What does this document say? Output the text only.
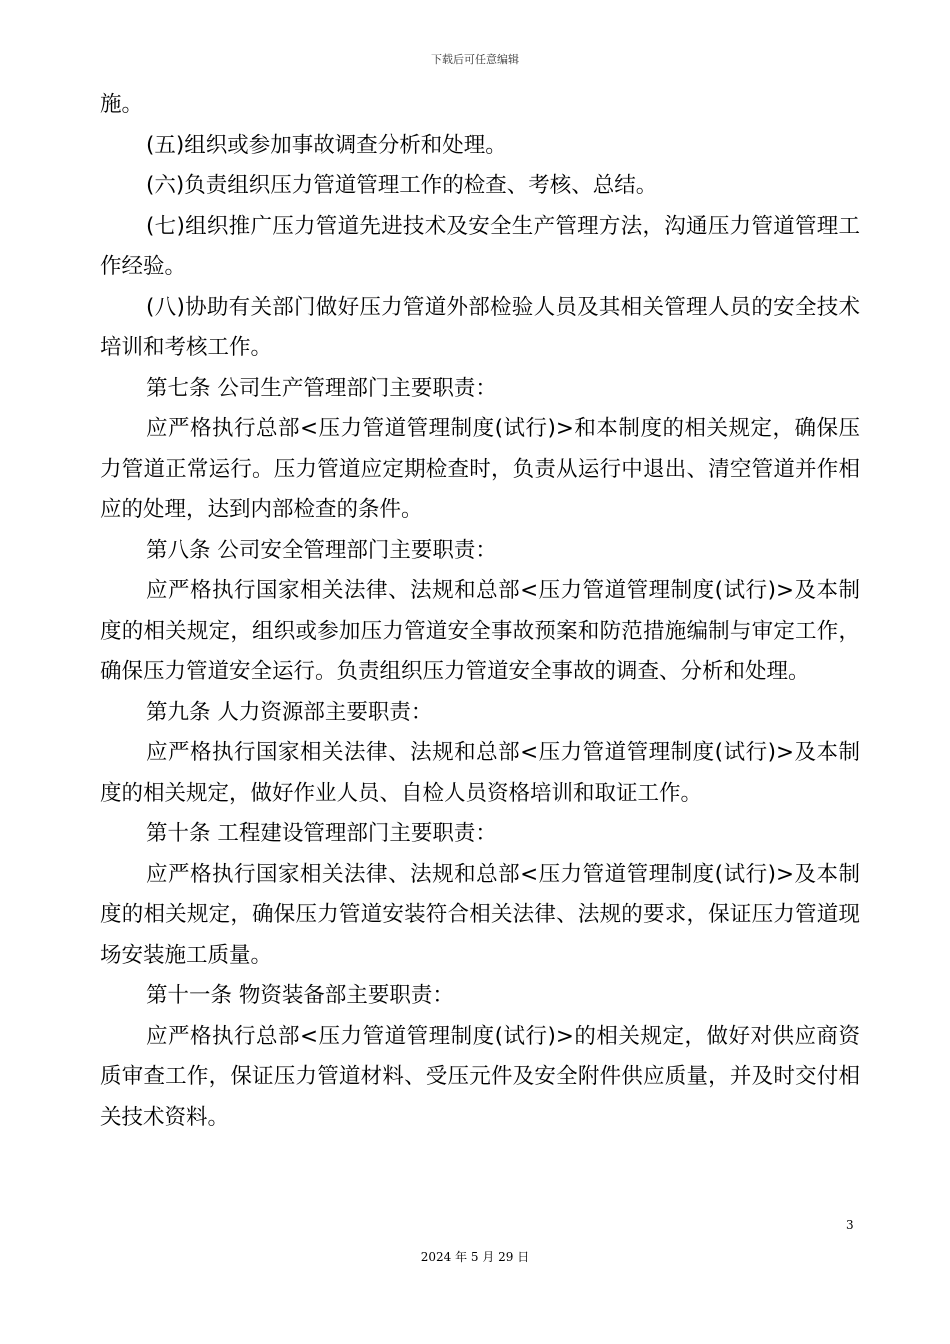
下载后可任意编辑

施。

(五)组织或参加事故调查分析和处理。

(六)负责组织压力管道管理工作的检查、考核、总结。

(七)组织推广压力管道先进技术及安全生产管理方法，沟通压力管道管理工作经验。

(八)协助有关部门做好压力管道外部检验人员及其相关管理人员的安全技术培训和考核工作。

第七条 公司生产管理部门主要职责：

应严格执行总部<压力管道管理制度(试行)>和本制度的相关规定，确保压力管道正常运行。压力管道应定期检查时，负责从运行中退出、清空管道并作相应的处理，达到内部检查的条件。

第八条 公司安全管理部门主要职责：

应严格执行国家相关法律、法规和总部<压力管道管理制度(试行)>及本制度的相关规定，组织或参加压力管道安全事故预案和防范措施编制与审定工作，确保压力管道安全运行。负责组织压力管道安全事故的调查、分析和处理。

第九条 人力资源部主要职责：

应严格执行国家相关法律、法规和总部<压力管道管理制度(试行)>及本制度的相关规定，做好作业人员、自检人员资格培训和取证工作。

第十条 工程建设管理部门主要职责：

应严格执行国家相关法律、法规和总部<压力管道管理制度(试行)>及本制度的相关规定，确保压力管道安装符合相关法律、法规的要求，保证压力管道现场安装施工质量。

第十一条 物资装备部主要职责：

应严格执行总部<压力管道管理制度(试行)>的相关规定，做好对供应商资质审查工作，保证压力管道材料、受压元件及安全附件供应质量，并及时交付相关技术资料。

3
2024 年 5 月 29 日
